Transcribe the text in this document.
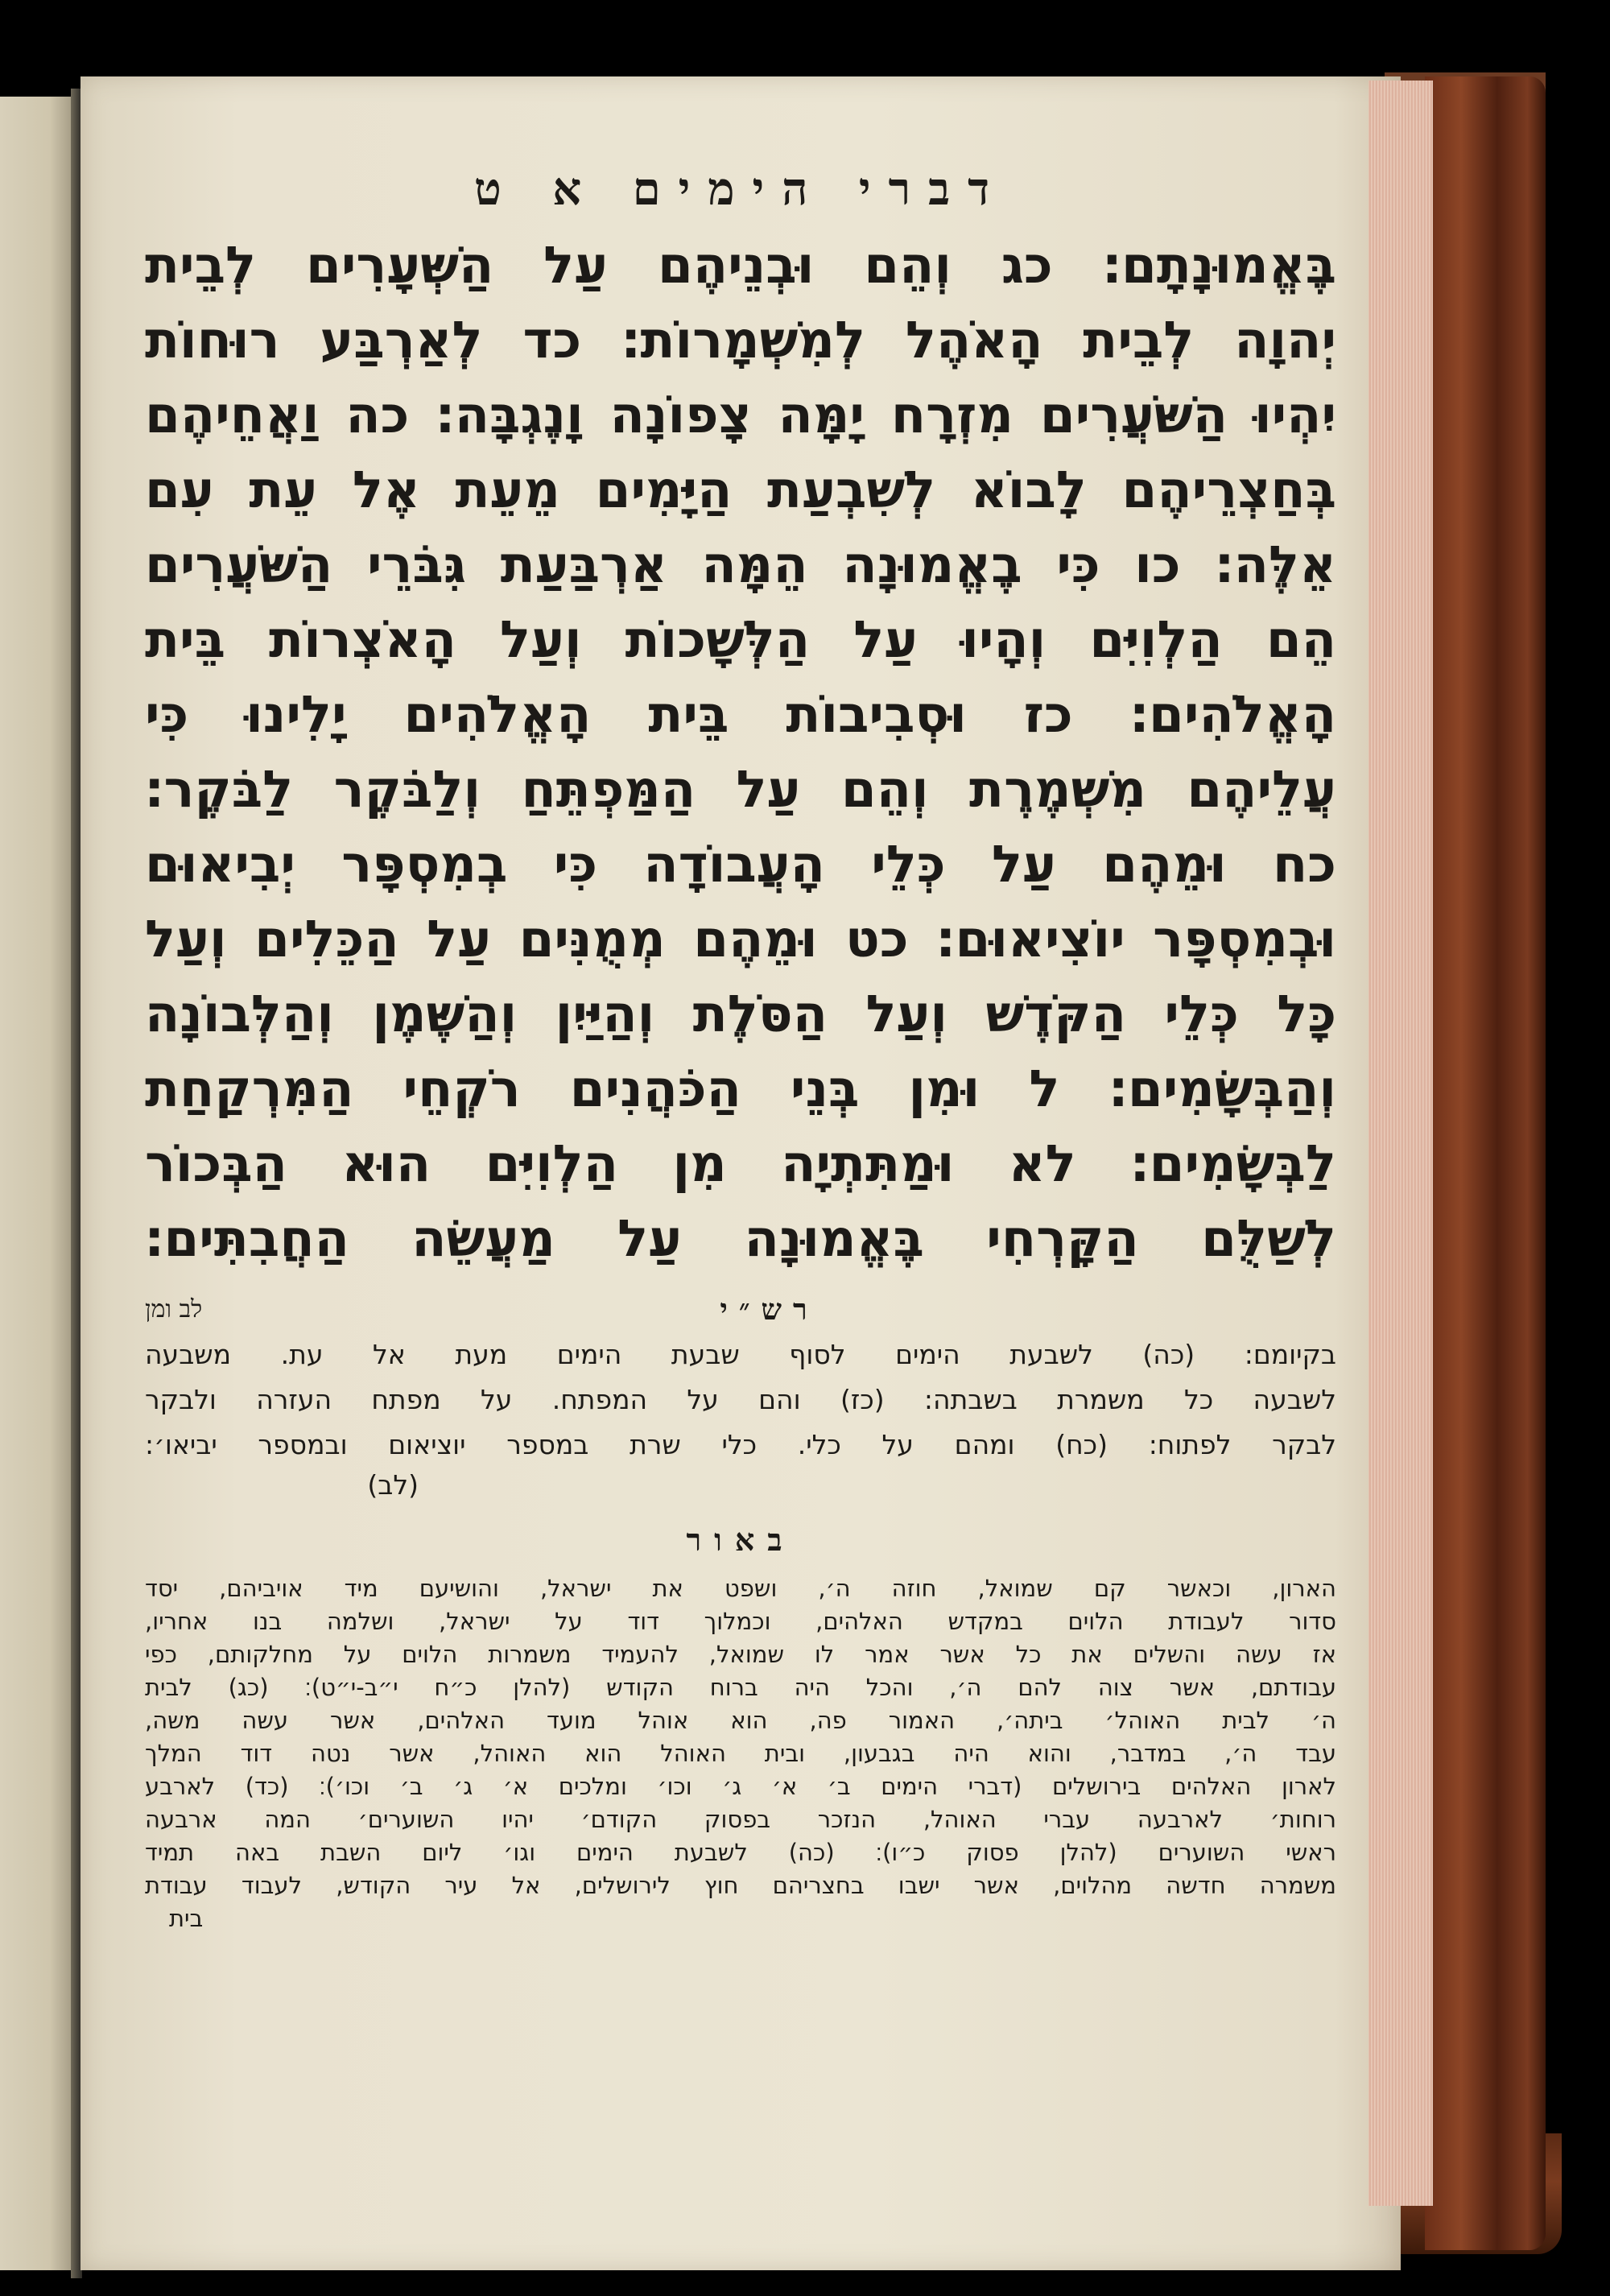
דברי הימים א ט
בֶּאֱמוּנָתָם׃ כג וְהֵם וּבְנֵיהֶם עַל הַשְּׁעָרִים לְבֵית
יְהוָה לְבֵית הָאֹהֶל לְמִשְׁמָרוֹת׃ כד לְאַרְבַּע רוּחוֹת
יִהְיוּ הַשֹּׁעֲרִים מִזְרָח יָמָּה צָפוֹנָה וָנֶגְבָּה׃ כה וַאֲחֵיהֶם
בְּחַצְרֵיהֶם לָבוֹא לְשִׁבְעַת הַיָּמִים מֵעֵת אֶל עֵת עִם
אֵלֶּה׃ כו כִּי בֶאֱמוּנָה הֵמָּה אַרְבַּעַת גִּבֹּרֵי הַשֹּׁעֲרִים
הֵם הַלְוִיִּם וְהָיוּ עַל הַלְּשָׁכוֹת וְעַל הָאֹצְרוֹת בֵּית
הָאֱלֹהִים׃ כז וּסְבִיבוֹת בֵּית הָאֱלֹהִים יָלִינוּ כִּי
עֲלֵיהֶם מִשְׁמֶרֶת וְהֵם עַל הַמַּפְתֵּחַ וְלַבֹּקֶר לַבֹּקֶר׃
כח וּמֵהֶם עַל כְּלֵי הָעֲבוֹדָה כִּי בְמִסְפָּר יְבִיאוּם
וּבְמִסְפָּר יוֹצִיאוּם׃ כט וּמֵהֶם מְמֻנִּים עַל הַכֵּלִים וְעַל
כָּל כְּלֵי הַקֹּדֶשׁ וְעַל הַסֹּלֶת וְהַיַּיִן וְהַשֶּׁמֶן וְהַלְּבוֹנָה
וְהַבְּשָׂמִים׃ ל וּמִן בְּנֵי הַכֹּהֲנִים רֹקְחֵי הַמִּרְקַחַת
לַבְּשָׂמִים׃ לא וּמַתִּתְיָה מִן הַלְוִיִּם הוּא הַבְּכוֹר
לְשַׁלֻּם הַקָּרְחִי בֶּאֱמוּנָה עַל מַעֲשֵׂה הַחֲבִתִּים׃
רש״י
לב ומן
בקיומם: (כה) לשבעת הימים לסוף שבעת הימים מעת אל עת. משבעה
לשבעה כל משמרת בשבתה: (כז) והם על המפתח. על מפתח העזרה ולבקר
לבקר לפתוח: (כח) ומהם על כלי. כלי שרת במספר יוציאום ובמספר יביאו׳:
(לב)
באור
הארון, וכאשר קם שמואל, חוזה ה׳, ושפט את ישראל, והושיעם מיד אויביהם, יסד
סדור לעבודת הלוים במקדש האלהים, וכמלוך דוד על ישראל, ושלמה בנו אחריו,
אז עשה והשלים את כל אשר אמר לו שמואל, להעמיד משמרות הלוים על מחלקותם, כפי
עבודתם, אשר צוה להם ה׳, והכל היה ברוח הקודש (להלן כ״ח י״ב-י״ט)׃ (כג) לבית
ה׳ לבית האוהל׳ ביתה׳, האמור פה, הוא אוהל מועד האלהים, אשר עשה משה,
עבד ה׳, במדבר, והוא היה בגבעון, ובית האוהל הוא האוהל, אשר נטה דוד המלך
לארון האלהים בירושלים (דברי הימים ב׳ א׳ ג׳ וכו׳ ומלכים א׳ ג׳ ב׳ וכו׳)׃ (כד) לארבע
רוחות׳ לארבעה עברי האוהל, הנזכר בפסוק הקודם׳ יהיו השוערים׳ המה ארבעה
ראשי השוערים (להלן פסוק כ״ו)׃ (כה) לשבעת הימים וגו׳ ליום השבת באה תמיד
משמרה חדשה מהלוים, אשר ישבו בחצריהם חוץ לירושלים, אל עיר הקודש, לעבוד עבודת
בית
